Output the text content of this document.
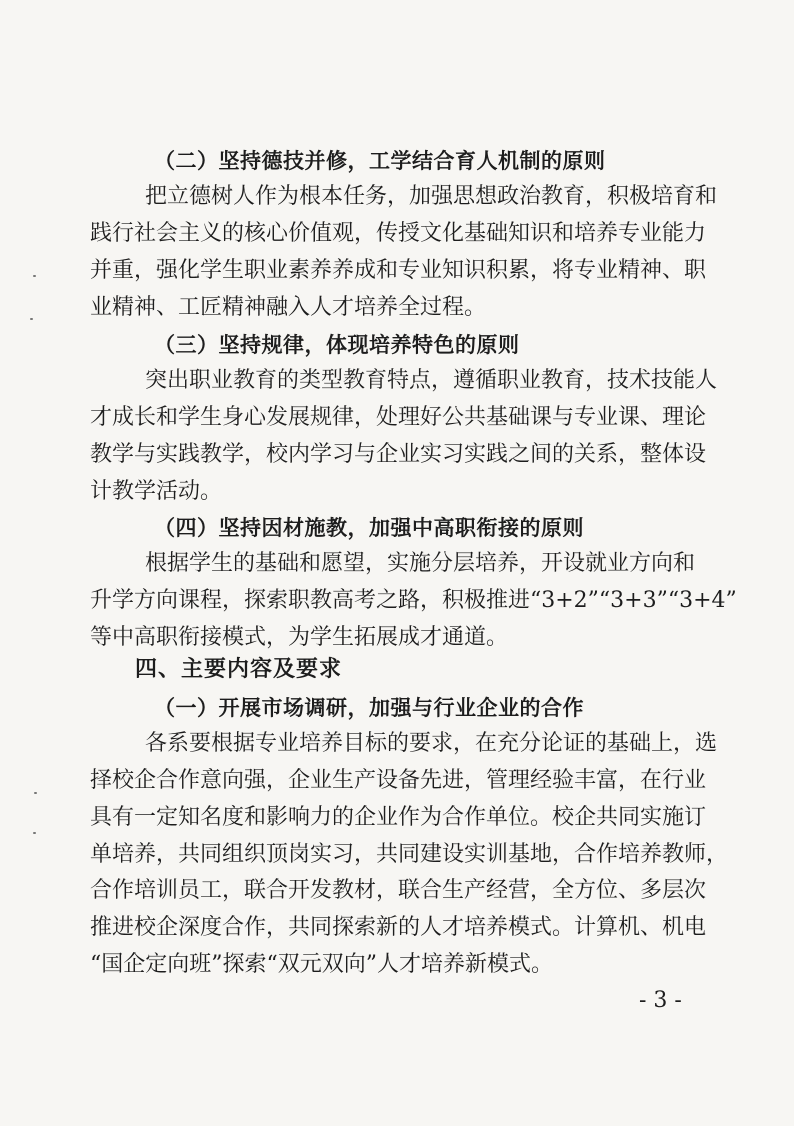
（二）坚持德技并修，工学结合育人机制的原则
把立德树人作为根本任务，加强思想政治教育，积极培育和
践行社会主义的核心价值观，传授文化基础知识和培养专业能力
并重，强化学生职业素养养成和专业知识积累，将专业精神、职
业精神、工匠精神融入人才培养全过程。
（三）坚持规律，体现培养特色的原则
突出职业教育的类型教育特点，遵循职业教育，技术技能人
才成长和学生身心发展规律，处理好公共基础课与专业课、理论
教学与实践教学，校内学习与企业实习实践之间的关系，整体设
计教学活动。
（四）坚持因材施教，加强中高职衔接的原则
根据学生的基础和愿望，实施分层培养，开设就业方向和
升学方向课程，探索职教高考之路，积极推进“3+2”“3+3”“3+4”
等中高职衔接模式，为学生拓展成才通道。
四、主要内容及要求
（一）开展市场调研，加强与行业企业的合作
各系要根据专业培养目标的要求，在充分论证的基础上，选
择校企合作意向强，企业生产设备先进，管理经验丰富，在行业
具有一定知名度和影响力的企业作为合作单位。校企共同实施订
单培养，共同组织顶岗实习，共同建设实训基地，合作培养教师，
合作培训员工，联合开发教材，联合生产经营，全方位、多层次
推进校企深度合作，共同探索新的人才培养模式。计算机、机电
“国企定向班”探索“双元双向”人才培养新模式。
- 3 -
